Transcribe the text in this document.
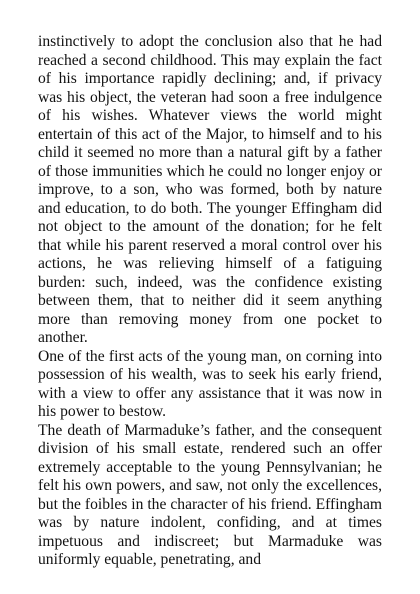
instinctively to adopt the conclusion also that he had reached a second childhood. This may explain the fact of his importance rapidly declining; and, if privacy was his object, the veteran had soon a free indulgence of his wishes. Whatever views the world might entertain of this act of the Major, to himself and to his child it seemed no more than a natural gift by a father of those immunities which he could no longer enjoy or improve, to a son, who was formed, both by nature and education, to do both. The younger Effingham did not object to the amount of the donation; for he felt that while his parent reserved a moral control over his actions, he was relieving himself of a fatiguing burden: such, indeed, was the confidence existing between them, that to neither did it seem anything more than removing money from one pocket to another.

One of the first acts of the young man, on corning into possession of his wealth, was to seek his early friend, with a view to offer any assistance that it was now in his power to bestow.

The death of Marmaduke’s father, and the consequent division of his small estate, rendered such an offer extremely acceptable to the young Pennsylvanian; he felt his own powers, and saw, not only the excellences, but the foibles in the character of his friend. Effingham was by nature indolent, confiding, and at times impetuous and indiscreet; but Marmaduke was uniformly equable, penetrating, and
